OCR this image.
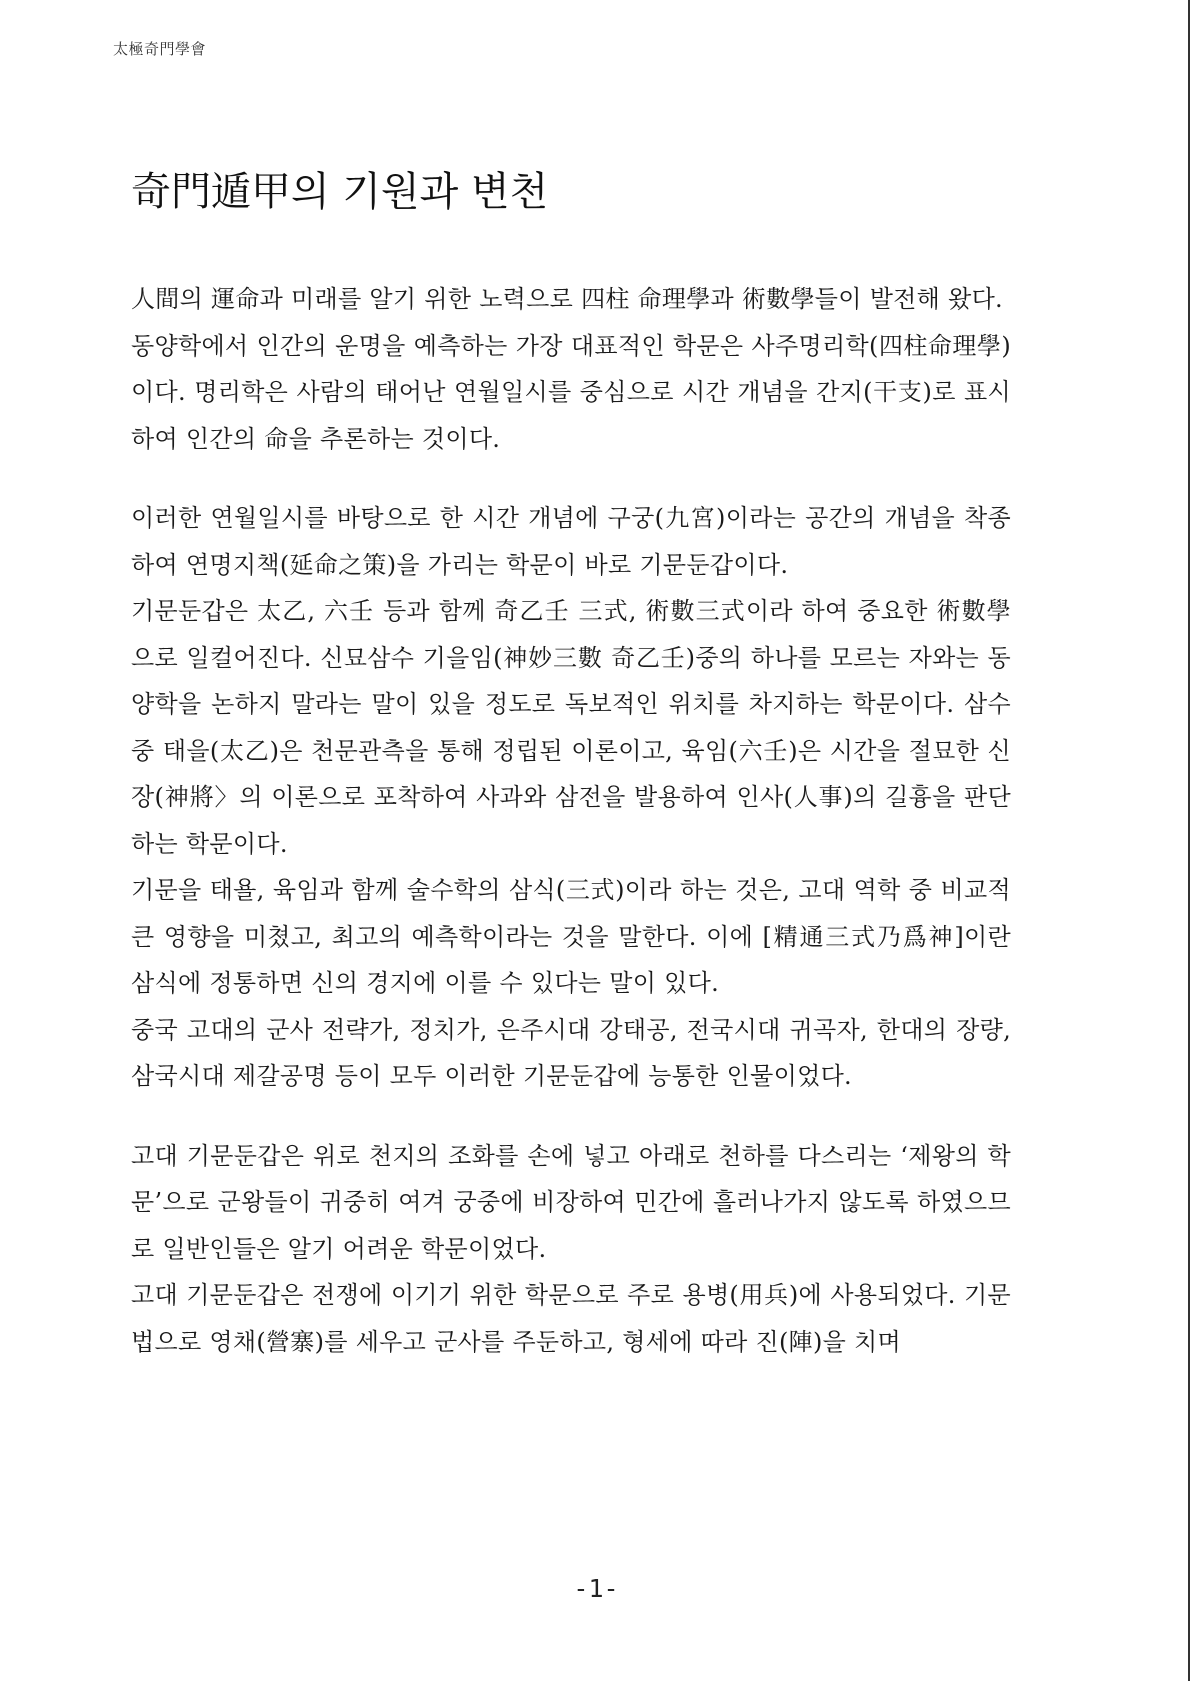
太極奇門學會
奇門遁甲의 기원과 변천

人間의 運命과 미래를 알기 위한 노력으로 四柱 命理學과 術數學들이 발전해 왔다.

동양학에서 인간의 운명을 예측하는 가장 대표적인 학문은 사주명리학(四柱命理學)이다. 명리학은 사람의 태어난 연월일시를 중심으로 시간 개념을 간지(干支)로 표시하여 인간의 命을 추론하는 것이다.

이러한 연월일시를 바탕으로 한 시간 개념에 구궁(九宮)이라는 공간의 개념을 착종하여 연명지책(延命之策)을 가리는 학문이 바로 기문둔갑이다.

기문둔갑은 太乙, 六壬 등과 함께 奇乙壬 三式, 術數三式이라 하여 중요한 術數學으로 일컬어진다. 신묘삼수 기을임(神妙三數 奇乙壬)중의 하나를 모르는 자와는 동양학을 논하지 말라는 말이 있을 정도로 독보적인 위치를 차지하는 학문이다. 삼수 중 태을(太乙)은 천문관측을 통해 정립된 이론이고, 육임(六壬)은 시간을 절묘한 신장(神將〉의 이론으로 포착하여 사과와 삼전을 발용하여 인사(人事)의 길흉을 판단하는 학문이다.

기문을 태욜, 육임과 함께 술수학의 삼식(三式)이라 하는 것은, 고대 역학 중 비교적 큰 영향을 미쳤고, 최고의 예측학이라는 것을 말한다. 이에 [精通三式乃爲神]이란 삼식에 정통하면 신의 경지에 이를 수 있다는 말이 있다.

중국 고대의 군사 전략가, 정치가, 은주시대 강태공, 전국시대 귀곡자, 한대의 장량, 삼국시대 제갈공명 등이 모두 이러한 기문둔갑에 능통한 인물이었다.

고대 기문둔갑은 위로 천지의 조화를 손에 넣고 아래로 천하를 다스리는 ‘제왕의 학문’으로 군왕들이 귀중히 여겨 궁중에 비장하여 민간에 흘러나가지 않도록 하였으므로 일반인들은 알기 어려운 학문이었다.

고대 기문둔갑은 전쟁에 이기기 위한 학문으로 주로 용병(用兵)에 사용되었다. 기문법으로 영채(營寨)를 세우고 군사를 주둔하고, 형세에 따라 진(陣)을 치며

-1-
